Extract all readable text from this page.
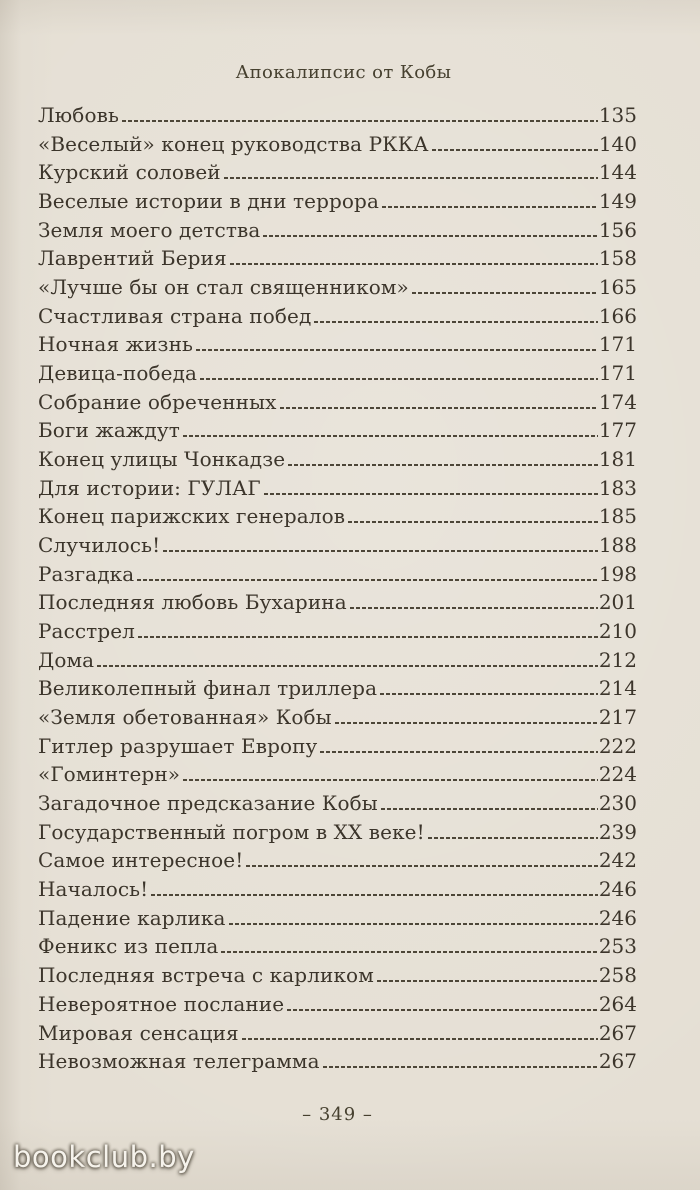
Апокалипсис от Кобы
Любовь	135
«Веселый» конец руководства РККА	140
Курский соловей	144
Веселые истории в дни террора	149
Земля моего детства	156
Лаврентий Берия	158
«Лучше бы он стал священником»	165
Счастливая страна побед	166
Ночная жизнь	171
Девица-победа	171
Собрание обреченных	174
Боги жаждут	177
Конец улицы Чонкадзе	181
Для истории: ГУЛАГ	183
Конец парижских генералов	185
Случилось!	188
Разгадка	198
Последняя любовь Бухарина	201
Расстрел	210
Дома	212
Великолепный финал триллера	214
«Земля обетованная» Кобы	217
Гитлер разрушает Европу	222
«Гоминтерн»	224
Загадочное предсказание Кобы	230
Государственный погром в XX веке!	239
Самое интересное!	242
Началось!	246
Падение карлика	246
Феникс из пепла	253
Последняя встреча с карликом	258
Невероятное послание	264
Мировая сенсация	267
Невозможная телеграмма	267
– 349 –
bookclub.by
